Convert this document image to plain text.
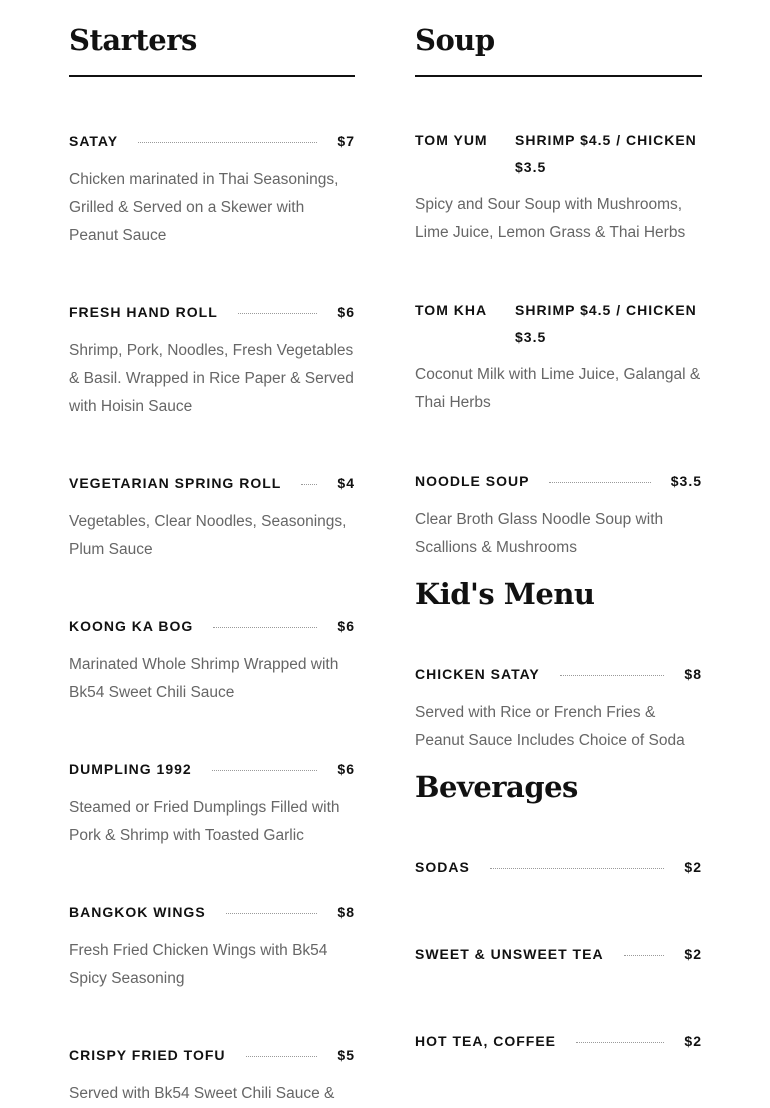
Starters
SATAY	$7
Chicken marinated in Thai Seasonings, Grilled & Served on a Skewer with Peanut Sauce
FRESH HAND ROLL	$6
Shrimp, Pork, Noodles, Fresh Vegetables & Basil. Wrapped in Rice Paper & Served with Hoisin Sauce
VEGETARIAN SPRING ROLL	$4
Vegetables, Clear Noodles, Seasonings, Plum Sauce
KOONG KA BOG	$6
Marinated Whole Shrimp Wrapped with Bk54 Sweet Chili Sauce
DUMPLING 1992	$6
Steamed or Fried Dumplings Filled with Pork & Shrimp with Toasted Garlic
BANGKOK WINGS	$8
Fresh Fried Chicken Wings with Bk54 Spicy Seasoning
CRISPY FRIED TOFU	$5
Served with Bk54 Sweet Chili Sauce &
Soup
TOM YUM	SHRIMP $4.5 / CHICKEN $3.5
Spicy and Sour Soup with Mushrooms, Lime Juice, Lemon Grass & Thai Herbs
TOM KHA	SHRIMP $4.5 / CHICKEN $3.5
Coconut Milk with Lime Juice, Galangal & Thai Herbs
NOODLE SOUP	$3.5
Clear Broth Glass Noodle Soup with Scallions & Mushrooms
Kid's Menu
CHICKEN SATAY	$8
Served with Rice or French Fries & Peanut Sauce Includes Choice of Soda
Beverages
SODAS	$2
SWEET & UNSWEET TEA	$2
HOT TEA, COFFEE	$2
